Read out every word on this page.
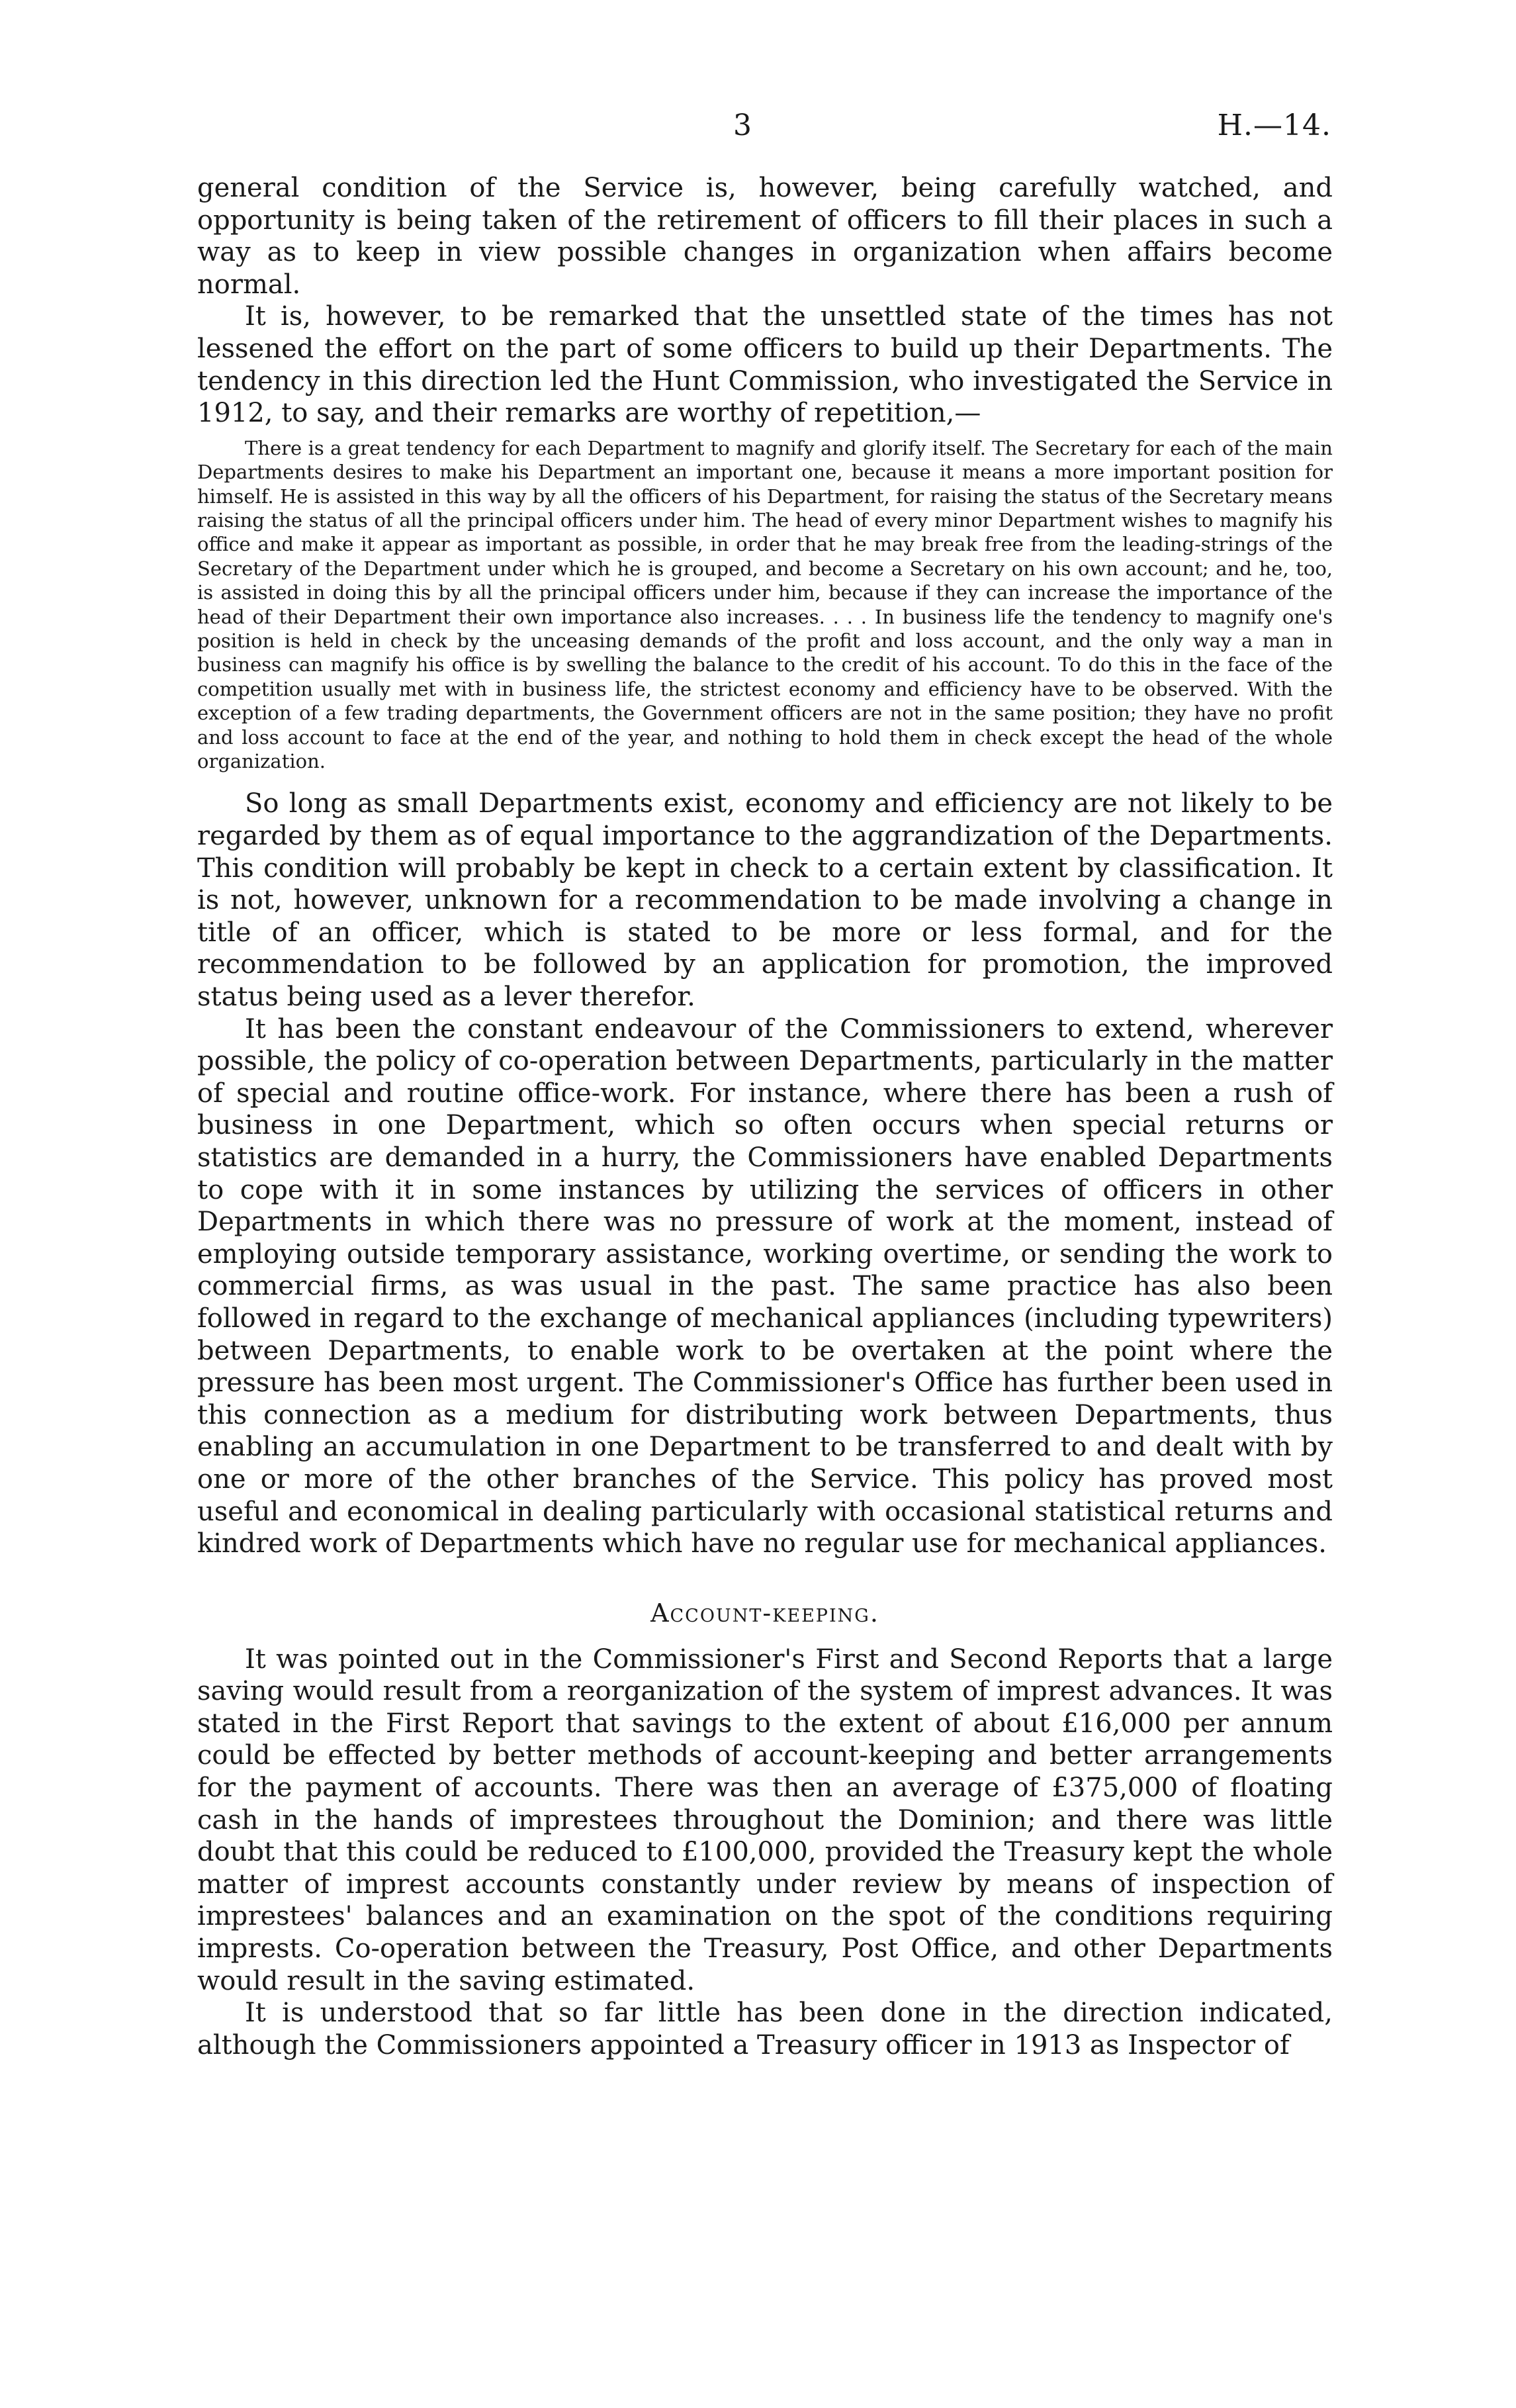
3	H.—14.

general condition of the Service is, however, being carefully watched, and opportunity is being taken of the retirement of officers to fill their places in such a way as to keep in view possible changes in organization when affairs become normal.

It is, however, to be remarked that the unsettled state of the times has not lessened the effort on the part of some officers to build up their Departments. The tendency in this direction led the Hunt Commission, who investigated the Service in 1912, to say, and their remarks are worthy of repetition,—

There is a great tendency for each Department to magnify and glorify itself. The Secretary for each of the main Departments desires to make his Department an important one, because it means a more important position for himself. He is assisted in this way by all the officers of his Department, for raising the status of the Secretary means raising the status of all the principal officers under him. The head of every minor Department wishes to magnify his office and make it appear as important as possible, in order that he may break free from the leading-strings of the Secretary of the Department under which he is grouped, and become a Secretary on his own account; and he, too, is assisted in doing this by all the principal officers under him, because if they can increase the importance of the head of their Department their own importance also increases. . . . In business life the tendency to magnify one's position is held in check by the unceasing demands of the profit and loss account, and the only way a man in business can magnify his office is by swelling the balance to the credit of his account. To do this in the face of the competition usually met with in business life, the strictest economy and efficiency have to be observed. With the exception of a few trading departments, the Government officers are not in the same position; they have no profit and loss account to face at the end of the year, and nothing to hold them in check except the head of the whole organization.

So long as small Departments exist, economy and efficiency are not likely to be regarded by them as of equal importance to the aggrandization of the Departments. This condition will probably be kept in check to a certain extent by classification. It is not, however, unknown for a recommendation to be made involving a change in title of an officer, which is stated to be more or less formal, and for the recommendation to be followed by an application for promotion, the improved status being used as a lever therefor.

It has been the constant endeavour of the Commissioners to extend, wherever possible, the policy of co-operation between Departments, particularly in the matter of special and routine office-work. For instance, where there has been a rush of business in one Department, which so often occurs when special returns or statistics are demanded in a hurry, the Commissioners have enabled Departments to cope with it in some instances by utilizing the services of officers in other Departments in which there was no pressure of work at the moment, instead of employing outside temporary assistance, working overtime, or sending the work to commercial firms, as was usual in the past. The same practice has also been followed in regard to the exchange of mechanical appliances (including typewriters) between Departments, to enable work to be overtaken at the point where the pressure has been most urgent. The Commissioner's Office has further been used in this connection as a medium for distributing work between Departments, thus enabling an accumulation in one Department to be transferred to and dealt with by one or more of the other branches of the Service. This policy has proved most useful and economical in dealing particularly with occasional statistical returns and kindred work of Departments which have no regular use for mechanical appliances.

Account-keeping.

It was pointed out in the Commissioner's First and Second Reports that a large saving would result from a reorganization of the system of imprest advances. It was stated in the First Report that savings to the extent of about £16,000 per annum could be effected by better methods of account-keeping and better arrangements for the payment of accounts. There was then an average of £375,000 of floating cash in the hands of imprestees throughout the Dominion; and there was little doubt that this could be reduced to £100,000, provided the Treasury kept the whole matter of imprest accounts constantly under review by means of inspection of imprestees' balances and an examination on the spot of the conditions requiring imprests. Co-operation between the Treasury, Post Office, and other Departments would result in the saving estimated.

It is understood that so far little has been done in the direction indicated, although the Commissioners appointed a Treasury officer in 1913 as Inspector of
